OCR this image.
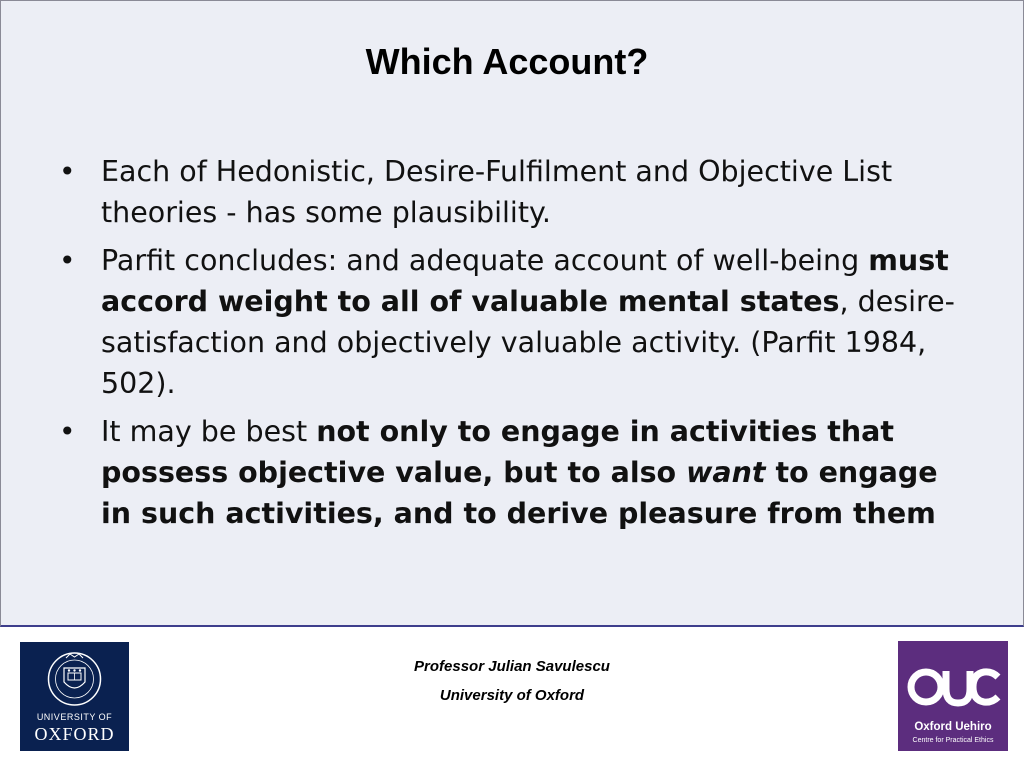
Which Account?
• Each of Hedonistic, Desire-Fulfilment and Objective List theories - has some plausibility.
• Parfit concludes: and adequate account of well-being must accord weight to all of valuable mental states, desire-satisfaction and objectively valuable activity. (Parfit 1984, 502).
• It may be best not only to engage in activities that possess objective value, but to also want to engage in such activities, and to derive pleasure from them
Professor Julian Savulescu
University of Oxford
UNIVERSITY OF
OXFORD	Oxford Uehiro
Centre for Practical Ethics
